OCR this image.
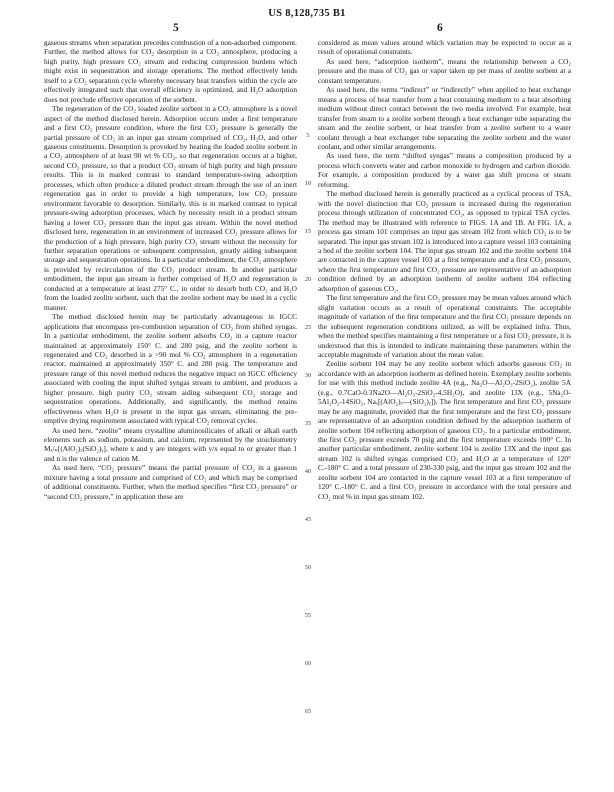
US 8,128,735 B1
5	6

gaseous streams when separation precedes combustion of a non-adsorbed component. Further, the method allows for CO₂ desorption in a CO₂ atmosphere, producing a high purity, high pressure CO₂ stream and reducing compression burdens which might exist in sequestration and storage operations. The method effectively lends itself to a CO₂ separation cycle whereby necessary heat transfers within the cycle are effectively integrated such that overall efficiency is optimized, and H₂O adsorption does not preclude effective operation of the sorbent.

The regeneration of the CO₂ loaded zeolite sorbent in a CO₂ atmosphere is a novel aspect of the method disclosed herein. Adsorption occurs under a first temperature and a first CO₂ pressure condition, where the first CO₂ pressure is generally the partial pressure of CO₂ in an input gas stream comprised of CO₂, H₂O, and other gaseous constituents. Desorption is provoked by heating the loaded zeolite sorbent in a CO₂ atmosphere of at least 90 wt % CO₂, so that regeneration occurs at a higher, second CO₂ pressure, so that a product CO₂ stream of high purity and high pressure results. This is in marked contrast to standard temperature-swing adsorption processes, which often produce a diluted product stream through the use of an inert regeneration gas in order to provide a high temperature, low CO₂ pressure environment favorable to desorption. Similarly, this is in marked contrast to typical pressure-swing adsorption processes, which by necessity result in a product stream having a lower CO₂ pressure than the input gas stream. Within the novel method disclosed here, regeneration in an environment of increased CO₂ pressure allows for the production of a high pressure, high purity CO₂ stream without the necessity for further separation operations or subsequent compression, greatly aiding subsequent storage and sequestration operations. In a particular embodiment, the CO₂ atmosphere is provided by recirculation of the CO₂ product stream. In another particular embodiment, the input gas stream is further comprised of H₂O and regeneration is conducted at a temperature at least 275° C., in order to desorb both CO₂ and H₂O from the loaded zeolite sorbent, such that the zeolite sorbent may be used in a cyclic manner.

The method disclosed herein may be particularly advantageous in IGCC applications that encompass pre-combustion separation of CO₂ from shifted syngas. In a particular embodiment, the zeolite sorbent adsorbs CO₂ in a capture reactor maintained at approximately 150° C. and 280 psig, and the zeolite sorbent is regenerated and CO₂ desorbed in a >90 mol % CO₂ atmosphere in a regeneration reactor, maintained at approximately 350° C. and 280 psig. The temperature and pressure range of this novel method reduces the negative impact on IGCC efficiency associated with cooling the input shifted syngas stream to ambient, and produces a higher pressure, high purity CO₂ stream aiding subsequent CO₂ storage and sequestration operations. Additionally, and significantly, the method retains effectiveness when H₂O is present in the input gas stream, eliminating the pre-emptive drying requirement associated with typical CO₂ removal cycles.

As used here, “zeolite” means crystalline aluminosilicates of alkali or alkali earth elements such as sodium, potassium, and calcium, represented by the stoichiometry Mₓ/ₙ[(AlO₂)ₓ(SiO₂)ᵧ], where x and y are integers with y/x equal to or greater than 1 and n is the valence of cation M.

As used here, “CO₂ pressure” means the partial pressure of CO₂ in a gaseous mixture having a total pressure and comprised of CO₂ and which may be comprised of additional constituents. Further, when the method specifies “first CO₂ pressure” or “second CO₂ pressure,” in application these are

5
10
15
20
25
30
35
40
45
50
55
60
65

considered as mean values around which variation may be expected to occur as a result of operational constraints.

As used here, “adsorption isotherm”, means the relationship between a CO₂ pressure and the mass of CO₂ gas or vapor taken up per mass of zeolite sorbent at a constant temperature.

As used here, the terms “indirect” or “indirectly” when applied to heat exchange means a process of heat transfer from a heat containing medium to a heat absorbing medium without direct contact between the two media involved. For example, heat transfer from steam to a zeolite sorbent through a heat exchanger tube separating the steam and the zeolite sorbent, or heat transfer from a zeolite sorbent to a water coolant through a heat exchanger tube separating the zeolite sorbent and the water coolant, and other similar arrangements.

As used here, the term “shifted syngas” means a composition produced by a process which converts water and carbon monoxide to hydrogen and carbon dioxide. For example, a composition produced by a water gas shift process or steam reforming.

The method disclosed herein is generally practiced as a cyclical process of TSA, with the novel distinction that CO₂ pressure is increased during the regeneration process through utilization of concentrated CO₂, as opposed to typical TSA cycles. The method may be illustrated with reference to FIGS. 1A and 1B. At FIG. 1A, a process gas stream 101 comprises an input gas stream 102 from which CO₂ is to be separated. The input gas stream 102 is introduced into a capture vessel 103 containing a bed of the zeolite sorbent 104. The input gas stream 102 and the zeolite sorbent 104 are contacted in the capture vessel 103 at a first temperature and a first CO₂ pressure, where the first temperature and first CO₂ pressure are representative of an adsorption condition defined by an adsorption isotherm of zeolite sorbent 104 reflecting adsorption of gaseous CO₂.

The first temperature and the first CO₂ pressure may be mean values around which slight variation occurs as a result of operational constraints. The acceptable magnitude of variation of the first temperature and the first CO₂ pressure depends on the subsequent regeneration conditions utilized, as will be explained infra. Thus, when the method specifies maintaining a first temperature or a first CO₂ pressure, it is understood that this is intended to indicate maintaining these parameters within the acceptable magnitude of variation about the mean value.

Zeolite sorbent 104 may be any zeolite sorbent which adsorbs gaseous CO₂ in accordance with an adsorption isotherm as defined herein. Exemplary zeolite sorbents for use with this method include zeolite 4A (e.g., Na₂O—Al₂O₃-2SiO₂), zeolite 5A (e.g., 0.7CaO-0.3Na2O—Al₂O₃-2SiO₂-4.5H₂O), and zeolite 13X (e.g., 5Na₂O-5Al₂O₃-14SiO₂, Naₓ[(AlO₂)ₓ—(SiO₂)ᵧ]). The first temperature and first CO₂ pressure may be any magnitude, provided that the first temperature and the first CO₂ pressure are representative of an adsorption condition defined by the adsorption isotherm of zeolite sorbent 104 reflecting adsorption of gaseous CO₂. In a particular embodiment, the first CO₂ pressure exceeds 70 psig and the first temperature exceeds 100° C. In another particular embodiment, zeolite sorbent 104 is zeolite 13X and the input gas stream 102 is shifted syngas comprised CO₂ and H₂O at a temperature of 120° C.-180° C. and a total pressure of 230-330 psig, and the input gas stream 102 and the zeolite sorbent 104 are contacted in the capture vessel 103 at a first temperature of 120° C.-180° C. and a first CO₂ pressure in accordance with the total pressure and CO₂ mol % in input gas stream 102.
